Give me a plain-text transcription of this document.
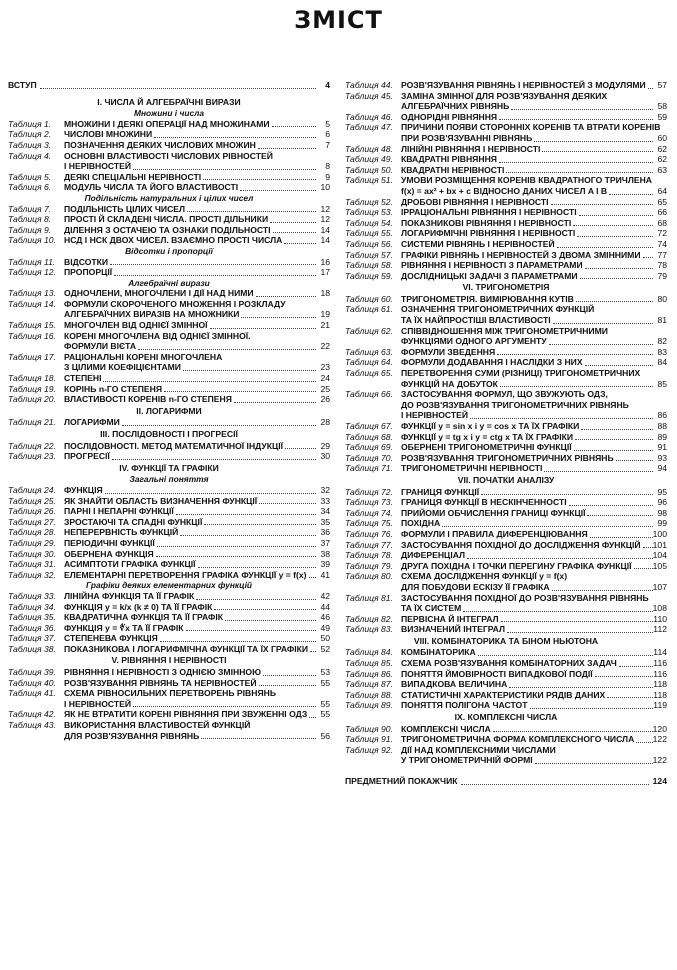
ЗМІСТ
ВСТУП	4
І. ЧИСЛА Й АЛГЕБРАЇЧНІ ВИРАЗИ
Множини і числа
Таблиця 1. МНОЖИНИ І ДЕЯКІ ОПЕРАЦІЇ НАД МНОЖИНАМИ	5
Таблиця 2. ЧИСЛОВІ МНОЖИНИ	6
Таблиця 3. ПОЗНАЧЕННЯ ДЕЯКИХ ЧИСЛОВИХ МНОЖИН	7
Таблиця 4. ОСНОВНІ ВЛАСТИВОСТІ ЧИСЛОВИХ РІВНОСТЕЙ
І НЕРІВНОСТЕЙ	8
Таблиця 5. ДЕЯКІ СПЕЦІАЛЬНІ НЕРІВНОСТІ	9
Таблиця 6. МОДУЛЬ ЧИСЛА ТА ЙОГО ВЛАСТИВОСТІ	10
Подільність натуральних і цілих чисел
Таблиця 7. ПОДІЛЬНІСТЬ ЦІЛИХ ЧИСЕЛ	12
Таблиця 8. ПРОСТІ Й СКЛАДЕНІ ЧИСЛА. ПРОСТІ ДІЛЬНИКИ	12
Таблиця 9. ДІЛЕННЯ З ОСТАЧЕЮ ТА ОЗНАКИ ПОДІЛЬНОСТІ	14
Таблиця 10. НСД І НСК ДВОХ ЧИСЕЛ. ВЗАЄМНО ПРОСТІ ЧИСЛА	14
Відсотки і пропорції
Таблиця 11. ВІДСОТКИ	16
Таблиця 12. ПРОПОРЦІЇ	17
Алгебраїчні вирази
Таблиця 13. ОДНОЧЛЕНИ, МНОГОЧЛЕНИ І ДІЇ НАД НИМИ	18
Таблиця 14. ФОРМУЛИ СКОРОЧЕНОГО МНОЖЕННЯ І РОЗКЛАДУ
АЛГЕБРАЇЧНИХ ВИРАЗІВ НА МНОЖНИКИ	19
Таблиця 15. МНОГОЧЛЕН ВІД ОДНІЄЇ ЗМІННОЇ	21
Таблиця 16. КОРЕНІ МНОГОЧЛЕНА ВІД ОДНІЄЇ ЗМІННОЇ.
ФОРМУЛИ ВІЄТА	22
Таблиця 17. РАЦІОНАЛЬНІ КОРЕНІ МНОГОЧЛЕНА
З ЦІЛИМИ КОЕФІЦІЄНТАМИ	23
Таблиця 18. СТЕПЕНІ	24
Таблиця 19. КОРІНЬ n-ГО СТЕПЕНЯ	25
Таблиця 20. ВЛАСТИВОСТІ КОРЕНІВ n-ГО СТЕПЕНЯ	26
ІІ. ЛОГАРИФМИ
Таблиця 21. ЛОГАРИФМИ	28
ІІІ. ПОСЛІДОВНОСТІ І ПРОГРЕСІЇ
Таблиця 22. ПОСЛІДОВНОСТІ. МЕТОД МАТЕМАТИЧНОЇ ІНДУКЦІЇ	29
Таблиця 23. ПРОГРЕСІЇ	30
IV. ФУНКЦІЇ ТА ГРАФІКИ
Загальні поняття
Таблиця 24. ФУНКЦІЯ	32
Таблиця 25. ЯК ЗНАЙТИ ОБЛАСТЬ ВИЗНАЧЕННЯ ФУНКЦІЇ	33
Таблиця 26. ПАРНІ І НЕПАРНІ ФУНКЦІЇ	34
Таблиця 27. ЗРОСТАЮЧІ ТА СПАДНІ ФУНКЦІЇ	35
Таблиця 28. НЕПЕРЕРВНІСТЬ ФУНКЦІЙ	36
Таблиця 29. ПЕРІОДИЧНІ ФУНКЦІЇ	37
Таблиця 30. ОБЕРНЕНА ФУНКЦІЯ	38
Таблиця 31. АСИМПТОТИ ГРАФІКА ФУНКЦІЇ	39
Таблиця 32. ЕЛЕМЕНТАРНІ ПЕРЕТВОРЕННЯ ГРАФІКА ФУНКЦІЇ y = f(x) 41
Графіки деяких елементарних функцій
Таблиця 33. ЛІНІЙНА ФУНКЦІЯ ТА ЇЇ ГРАФІК	42
Таблиця 34. ФУНКЦІЯ y = k/x (k ≠ 0) ТА ЇЇ ГРАФІК	44
Таблиця 35. КВАДРАТИЧНА ФУНКЦІЯ ТА ЇЇ ГРАФІК	46
Таблиця 36. ФУНКЦІЯ y = ∜x ТА ЇЇ ГРАФІК	49
Таблиця 37. СТЕПЕНЕВА ФУНКЦІЯ	50
Таблиця 38. ПОКАЗНИКОВА І ЛОГАРИФМІЧНА ФУНКЦІЇ ТА ЇХ ГРАФІКИ 52
V. РІВНЯННЯ І НЕРІВНОСТІ
Таблиця 39. РІВНЯННЯ І НЕРІВНОСТІ З ОДНІЄЮ ЗМІННОЮ	53
Таблиця 40. РОЗВ'ЯЗУВАННЯ РІВНЯНЬ ТА НЕРІВНОСТЕЙ	55
Таблиця 41. СХЕМА РІВНОСИЛЬНИХ ПЕРЕТВОРЕНЬ РІВНЯНЬ
І НЕРІВНОСТЕЙ	55
Таблиця 42. ЯК НЕ ВТРАТИТИ КОРЕНІ РІВНЯННЯ ПРИ ЗВУЖЕННІ ОДЗ 55
Таблиця 43. ВИКОРИСТАННЯ ВЛАСТИВОСТЕЙ ФУНКЦІЙ
ДЛЯ РОЗВ'ЯЗУВАННЯ РІВНЯНЬ	56
Таблиця 44. РОЗВ'ЯЗУВАННЯ РІВНЯНЬ І НЕРІВНОСТЕЙ З МОДУЛЯМИ 57
Таблиця 45. ЗАМІНА ЗМІННОЇ ДЛЯ РОЗВ'ЯЗУВАННЯ ДЕЯКИХ
АЛГЕБРАЇЧНИХ РІВНЯНЬ	58
Таблиця 46. ОДНОРІДНІ РІВНЯННЯ	59
Таблиця 47. ПРИЧИНИ ПОЯВИ СТОРОННІХ КОРЕНІВ ТА ВТРАТИ КОРЕНІВ
ПРИ РОЗВ'ЯЗУВАННІ РІВНЯНЬ	60
Таблиця 48. ЛІНІЙНІ РІВНЯННЯ І НЕРІВНОСТІ	62
Таблиця 49. КВАДРАТНІ РІВНЯННЯ	62
Таблиця 50. КВАДРАТНІ НЕРІВНОСТІ	63
Таблиця 51. УМОВИ РОЗМІЩЕННЯ КОРЕНІВ КВАДРАТНОГО ТРИЧЛЕНА
f(x) = ax² + bx + c ВІДНОСНО ДАНИХ ЧИСЕЛ A І B	64
Таблиця 52. ДРОБОВІ РІВНЯННЯ І НЕРІВНОСТІ	65
Таблиця 53. ІРРАЦІОНАЛЬНІ РІВНЯННЯ І НЕРІВНОСТІ	66
Таблиця 54. ПОКАЗНИКОВІ РІВНЯННЯ І НЕРІВНОСТІ	68
Таблиця 55. ЛОГАРИФМІЧНІ РІВНЯННЯ І НЕРІВНОСТІ	72
Таблиця 56. СИСТЕМИ РІВНЯНЬ І НЕРІВНОСТЕЙ	74
Таблиця 57. ГРАФІКИ РІВНЯНЬ І НЕРІВНОСТЕЙ З ДВОМА ЗМІННИМИ 77
Таблиця 58. РІВНЯННЯ І НЕРІВНОСТІ З ПАРАМЕТРАМИ	78
Таблиця 59. ДОСЛІДНИЦЬКІ ЗАДАЧІ З ПАРАМЕТРАМИ	79
VI. ТРИГОНОМЕТРІЯ
Таблиця 60. ТРИГОНОМЕТРІЯ. ВИМІРЮВАННЯ КУТІВ	80
Таблиця 61. ОЗНАЧЕННЯ ТРИГОНОМЕТРИЧНИХ ФУНКЦІЙ
ТА ЇХ НАЙПРОСТІШІ ВЛАСТИВОСТІ	81
Таблиця 62. СПІВВІДНОШЕННЯ МІЖ ТРИГОНОМЕТРИЧНИМИ
ФУНКЦІЯМИ ОДНОГО АРГУМЕНТУ	82
Таблиця 63. ФОРМУЛИ ЗВЕДЕННЯ	83
Таблиця 64. ФОРМУЛИ ДОДАВАННЯ І НАСЛІДКИ З НИХ	84
Таблиця 65. ПЕРЕТВОРЕННЯ СУМИ (РІЗНИЦІ) ТРИГОНОМЕТРИЧНИХ
ФУНКЦІЙ НА ДОБУТОК	85
Таблиця 66. ЗАСТОСУВАННЯ ФОРМУЛ, ЩО ЗВУЖУЮТЬ ОДЗ,
ДО РОЗВ'ЯЗУВАННЯ ТРИГОНОМЕТРИЧНИХ РІВНЯНЬ
І НЕРІВНОСТЕЙ	86
Таблиця 67. ФУНКЦІЇ y = sin x і y = cos x ТА ЇХ ГРАФІКИ	88
Таблиця 68. ФУНКЦІЇ y = tg x і y = ctg x ТА ЇХ ГРАФІКИ	89
Таблиця 69. ОБЕРНЕНІ ТРИГОНОМЕТРИЧНІ ФУНКЦІЇ	91
Таблиця 70. РОЗВ'ЯЗУВАННЯ ТРИГОНОМЕТРИЧНИХ РІВНЯНЬ	93
Таблиця 71. ТРИГОНОМЕТРИЧНІ НЕРІВНОСТІ	94
VII. ПОЧАТКИ АНАЛІЗУ
Таблиця 72. ГРАНИЦЯ ФУНКЦІЇ	95
Таблиця 73. ГРАНИЦЯ ФУНКЦІЇ В НЕСКІНЧЕННОСТІ	96
Таблиця 74. ПРИЙОМИ ОБЧИСЛЕННЯ ГРАНИЦІ ФУНКЦІЇ	98
Таблиця 75. ПОХІДНА	99
Таблиця 76. ФОРМУЛИ І ПРАВИЛА ДИФЕРЕНЦІЮВАННЯ	100
Таблиця 77. ЗАСТОСУВАННЯ ПОХІДНОЇ ДО ДОСЛІДЖЕННЯ ФУНКЦІЙ 101
Таблиця 78. ДИФЕРЕНЦІАЛ	104
Таблиця 79. ДРУГА ПОХІДНА І ТОЧКИ ПЕРЕГИНУ ГРАФІКА ФУНКЦІЇ 105
Таблиця 80. СХЕМА ДОСЛІДЖЕННЯ ФУНКЦІЇ y = f(x)
ДЛЯ ПОБУДОВИ ЕСКІЗУ ЇЇ ГРАФІКА	107
Таблиця 81. ЗАСТОСУВАННЯ ПОХІДНОЇ ДО РОЗВ'ЯЗУВАННЯ РІВНЯНЬ
ТА ЇХ СИСТЕМ	108
Таблиця 82. ПЕРВІСНА Й ІНТЕГРАЛ	110
Таблиця 83. ВИЗНАЧЕНИЙ ІНТЕГРАЛ	112
VIII. КОМБІНАТОРИКА ТА БІНОМ НЬЮТОНА
Таблиця 84. КОМБІНАТОРИКА	114
Таблиця 85. СХЕМА РОЗВ'ЯЗУВАННЯ КОМБІНАТОРНИХ ЗАДАЧ	116
Таблиця 86. ПОНЯТТЯ ЙМОВІРНОСТІ ВИПАДКОВОЇ ПОДІЇ	116
Таблиця 87. ВИПАДКОВА ВЕЛИЧИНА	118
Таблиця 88. СТАТИСТИЧНІ ХАРАКТЕРИСТИКИ РЯДІВ ДАНИХ	118
Таблиця 89. ПОНЯТТЯ ПОЛІГОНА ЧАСТОТ	119
IX. КОМПЛЕКСНІ ЧИСЛА
Таблиця 90. КОМПЛЕКСНІ ЧИСЛА	120
Таблиця 91. ТРИГОНОМЕТРИЧНА ФОРМА КОМПЛЕКСНОГО ЧИСЛА 122
Таблиця 92. ДІЇ НАД КОМПЛЕКСНИМИ ЧИСЛАМИ
У ТРИГОНОМЕТРИЧНІЙ ФОРМІ	122
ПРЕДМЕТНИЙ ПОКАЖЧИК	124
